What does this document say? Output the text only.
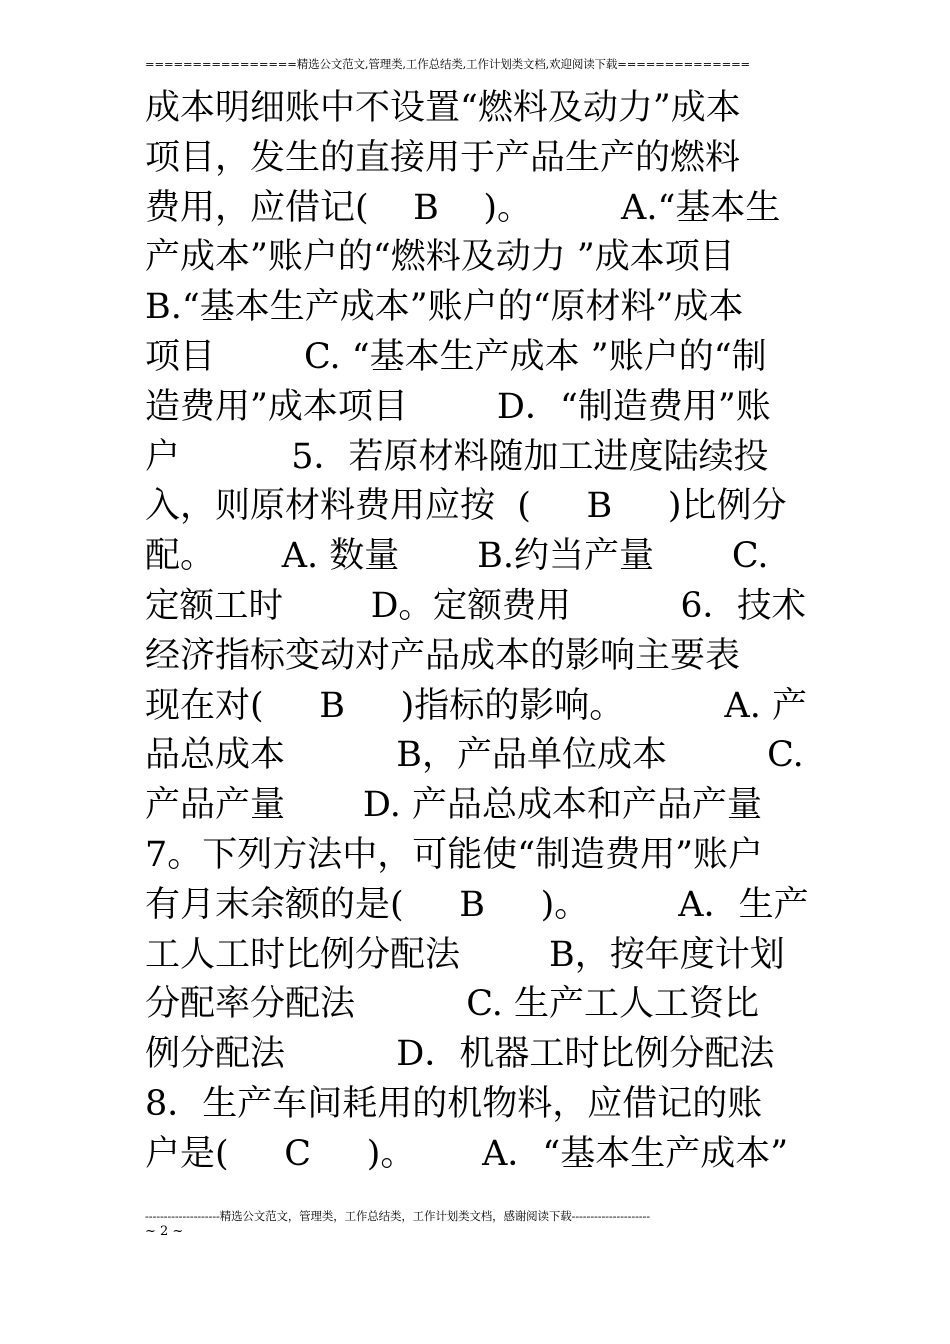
================精选公文范文,管理类,工作总结类,工作计划类文档,欢迎阅读下载==============
成本明细账中不设置“燃料及动力”成本
项目，发生的直接用于产品生产的燃料
费用，应借记(    B    )。        A.“基本生
产成本”账户的“燃料及动力 ”成本项目
B.“基本生产成本”账户的“原材料”成本
项目        C. “基本生产成本 ”账户的“制
造费用”成本项目        D．“制造费用”账
户          5．若原材料随加工进度陆续投
入，则原材料费用应按  (     B     )比例分
配。      A. 数量       B.约当产量       C.
定额工时        D。定额费用          6．技术
经济指标变动对产品成本的影响主要表
现在对(     B     )指标的影响。         A. 产
品总成本          B，产品单位成本         C.
产品产量       D. 产品总成本和产品产量
7。下列方法中，可能使“制造费用”账户
有月末余额的是(     B     )。        A．生产
工人工时比例分配法        B，按年度计划
分配率分配法          C. 生产工人工资比
例分配法          D．机器工时比例分配法
8．生产车间耗用的机物料，应借记的账
户是(     C     )。      A．“基本生产成本”
--------------------精选公文范文，管理类，工作总结类，工作计划类文档，感谢阅读下载---------------------
~ 2 ~
